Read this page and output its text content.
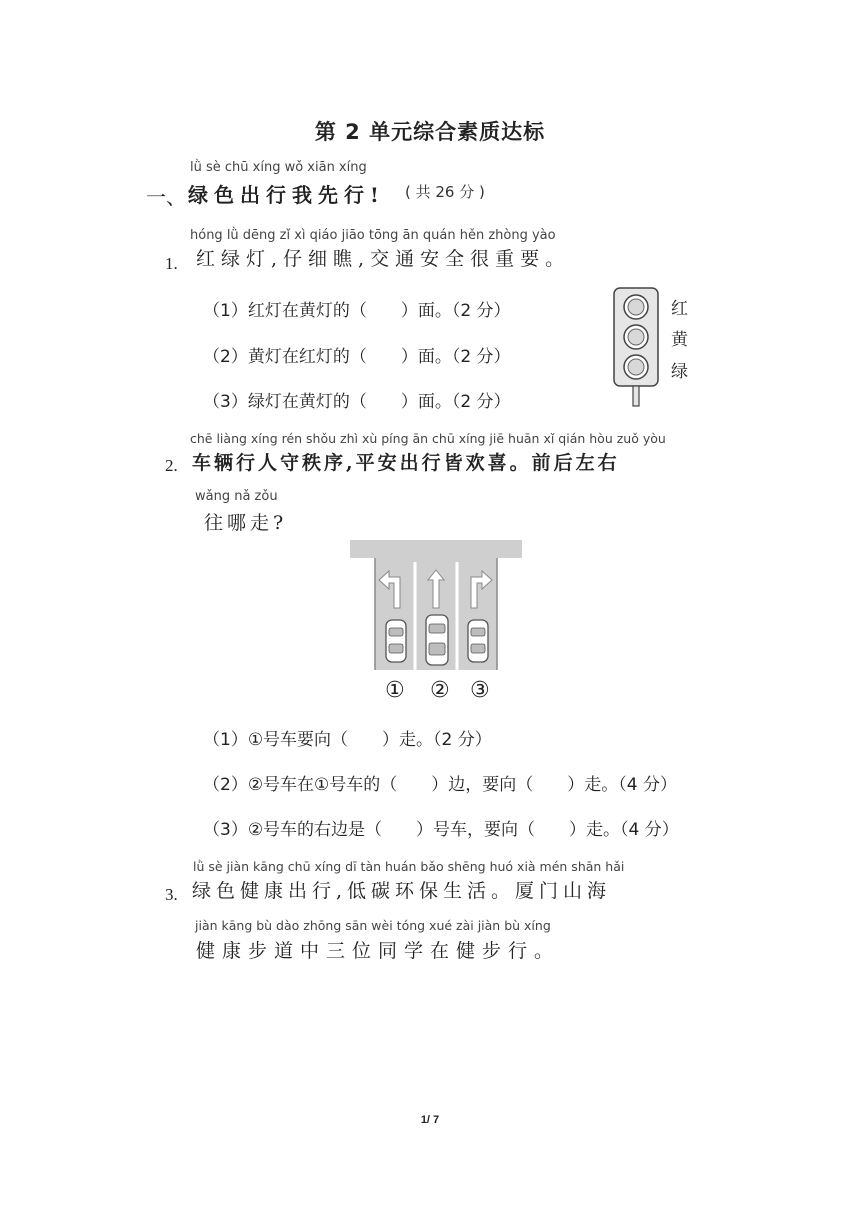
第 2 单元综合素质达标
lǜ sè chū xíng wǒ xiān xíng
一、 绿色出行我先行! ( 共 26 分 )
hóng lǜ dēng zǐ xì qiáo jiāo tōng ān quán hěn zhòng yào
1. 红绿灯,仔细瞧,交通安全很重要。
（1）红灯在黄灯的（　　）面。（2 分）
（2）黄灯在红灯的（　　）面。（2 分）
（3）绿灯在黄灯的（　　）面。（2 分）
红
黄
绿
chē liàng xíng rén shǒu zhì xù píng ān chū xíng jiē huān xǐ qián hòu zuǒ yòu
2. 车辆行人守秩序,平安出行皆欢喜。前后左右
wǎng nǎ zǒu
往哪走?
① ② ③
（1）①号车要向（　　）走。（2 分）
（2）②号车在①号车的（　　）边，要向（　　）走。（4 分）
（3）②号车的右边是（　　）号车，要向（　　）走。（4 分）
lǜ sè jiàn kāng chū xíng dī tàn huán bǎo shēng huó xià mén shān hǎi
3. 绿色健康出行,低碳环保生活。厦门山海
jiàn kāng bù dào zhōng sān wèi tóng xué zài jiàn bù xíng
健康步道中三位同学在健步行。
1/ 7
